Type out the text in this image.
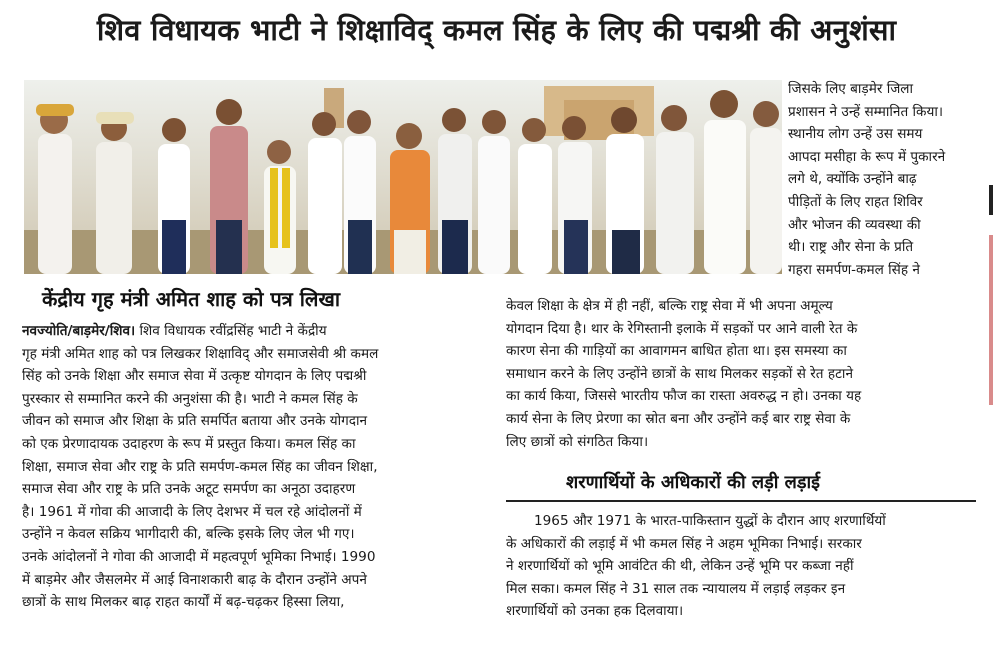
शिव विधायक भाटी ने शिक्षाविद् कमल सिंह के लिए की पद्मश्री की अनुशंसा
जिसके लिए बाड़मेर जिला
प्रशासन ने उन्हें सम्मानित किया।
स्थानीय लोग उन्हें उस समय
आपदा मसीहा के रूप में पुकारने
लगे थे, क्योंकि उन्होंने बाढ़
पीड़ितों के लिए राहत शिविर
और भोजन की व्यवस्था की
थी। राष्ट्र और सेना के प्रति
गहरा समर्पण-कमल सिंह ने
केंद्रीय गृह मंत्री अमित शाह को पत्र लिखा
नवज्योति/बाड़मेर/शिव। शिव विधायक रवींद्रसिंह भाटी ने केंद्रीय
गृह मंत्री अमित शाह को पत्र लिखकर शिक्षाविद् और समाजसेवी श्री कमल
सिंह को उनके शिक्षा और समाज सेवा में उत्कृष्ट योगदान के लिए पद्मश्री
पुरस्कार से सम्मानित करने की अनुशंसा की है। भाटी ने कमल सिंह के
जीवन को समाज और शिक्षा के प्रति समर्पित बताया और उनके योगदान
को एक प्रेरणादायक उदाहरण के रूप में प्रस्तुत किया। कमल सिंह का
शिक्षा, समाज सेवा और राष्ट्र के प्रति समर्पण-कमल सिंह का जीवन शिक्षा,
समाज सेवा और राष्ट्र के प्रति उनके अटूट समर्पण का अनूठा उदाहरण
है। 1961 में गोवा की आजादी के लिए देशभर में चल रहे आंदोलनों में
उन्होंने न केवल सक्रिय भागीदारी की, बल्कि इसके लिए जेल भी गए।
उनके आंदोलनों ने गोवा की आजादी में महत्वपूर्ण भूमिका निभाई। 1990
में बाड़मेर और जैसलमेर में आई विनाशकारी बाढ़ के दौरान उन्होंने अपने
छात्रों के साथ मिलकर बाढ़ राहत कार्यों में बढ़-चढ़कर हिस्सा लिया,
केवल शिक्षा के क्षेत्र में ही नहीं, बल्कि राष्ट्र सेवा में भी अपना अमूल्य
योगदान दिया है। थार के रेगिस्तानी इलाके में सड़कों पर आने वाली रेत के
कारण सेना की गाड़ियों का आवागमन बाधित होता था। इस समस्या का
समाधान करने के लिए उन्होंने छात्रों के साथ मिलकर सड़कों से रेत हटाने
का कार्य किया, जिससे भारतीय फौज का रास्ता अवरुद्ध न हो। उनका यह
कार्य सेना के लिए प्रेरणा का स्रोत बना और उन्होंने कई बार राष्ट्र सेवा के
लिए छात्रों को संगठित किया।
शरणार्थियों के अधिकारों की लड़ी लड़ाई
1965 और 1971 के भारत-पाकिस्तान युद्धों के दौरान आए शरणार्थियों
के अधिकारों की लड़ाई में भी कमल सिंह ने अहम भूमिका निभाई। सरकार
ने शरणार्थियों को भूमि आवंटित की थी, लेकिन उन्हें भूमि पर कब्जा नहीं
मिल सका। कमल सिंह ने 31 साल तक न्यायालय में लड़ाई लड़कर इन
शरणार्थियों को उनका हक दिलवाया।
